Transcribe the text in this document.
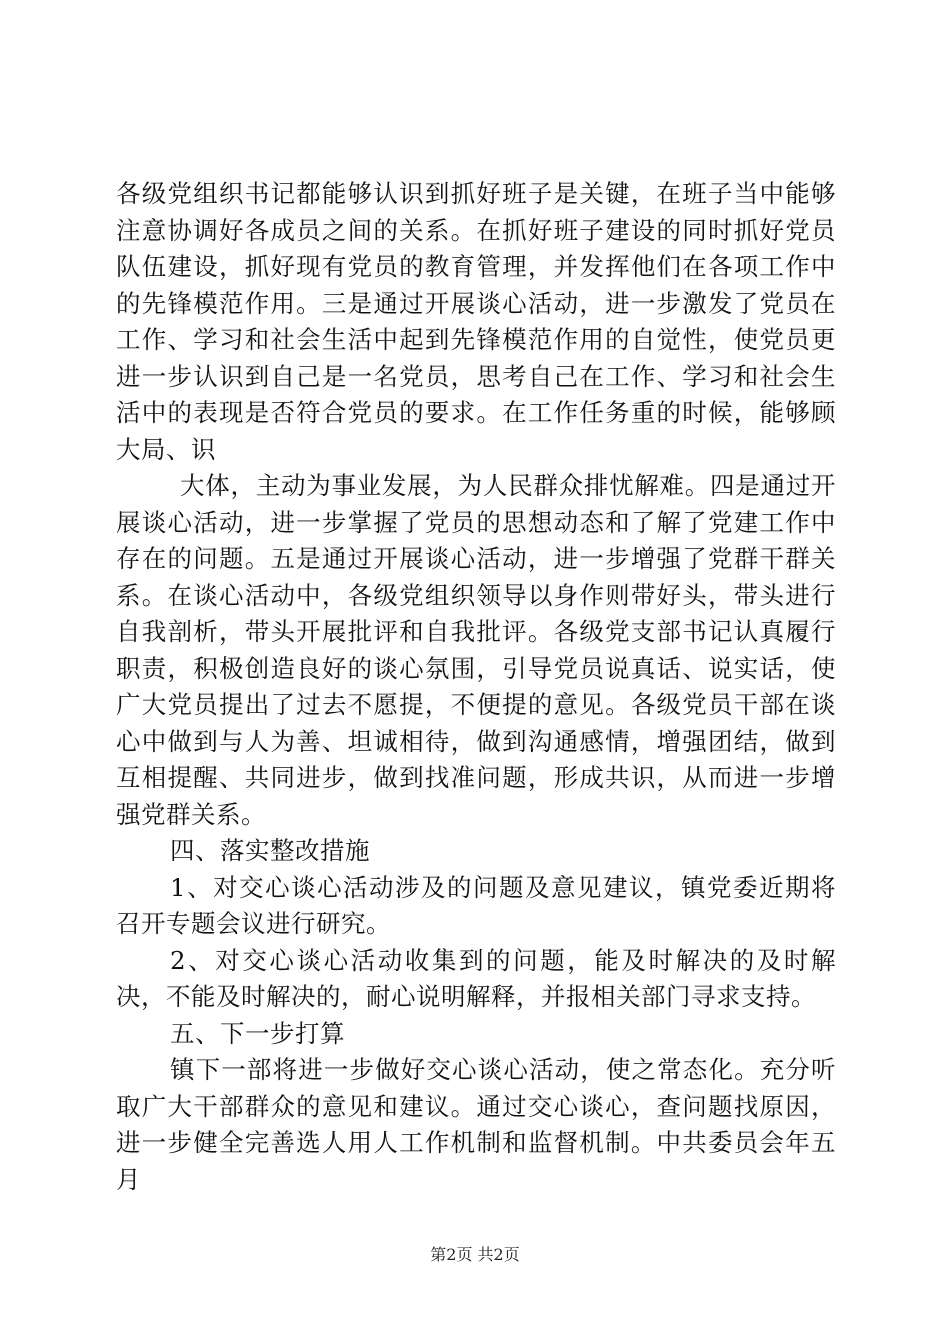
各级党组织书记都能够认识到抓好班子是关键，在班子当中能够注意协调好各成员之间的关系。在抓好班子建设的同时抓好党员队伍建设，抓好现有党员的教育管理，并发挥他们在各项工作中的先锋模范作用。三是通过开展谈心活动，进一步激发了党员在工作、学习和社会生活中起到先锋模范作用的自觉性，使党员更进一步认识到自己是一名党员，思考自己在工作、学习和社会生活中的表现是否符合党员的要求。在工作任务重的时候，能够顾大局、识

大体，主动为事业发展，为人民群众排忧解难。四是通过开展谈心活动，进一步掌握了党员的思想动态和了解了党建工作中存在的问题。五是通过开展谈心活动，进一步增强了党群干群关系。在谈心活动中，各级党组织领导以身作则带好头，带头进行自我剖析，带头开展批评和自我批评。各级党支部书记认真履行职责，积极创造良好的谈心氛围，引导党员说真话、说实话，使广大党员提出了过去不愿提，不便提的意见。各级党员干部在谈心中做到与人为善、坦诚相待，做到沟通感情，增强团结，做到互相提醒、共同进步，做到找准问题，形成共识，从而进一步增强党群关系。

四、落实整改措施

1、对交心谈心活动涉及的问题及意见建议，镇党委近期将召开专题会议进行研究。

2、对交心谈心活动收集到的问题，能及时解决的及时解决，不能及时解决的，耐心说明解释，并报相关部门寻求支持。

五、下一步打算

镇下一部将进一步做好交心谈心活动，使之常态化。充分听取广大干部群众的意见和建议。通过交心谈心，查问题找原因，进一步健全完善选人用人工作机制和监督机制。中共委员会年五月

第2页 共2页
